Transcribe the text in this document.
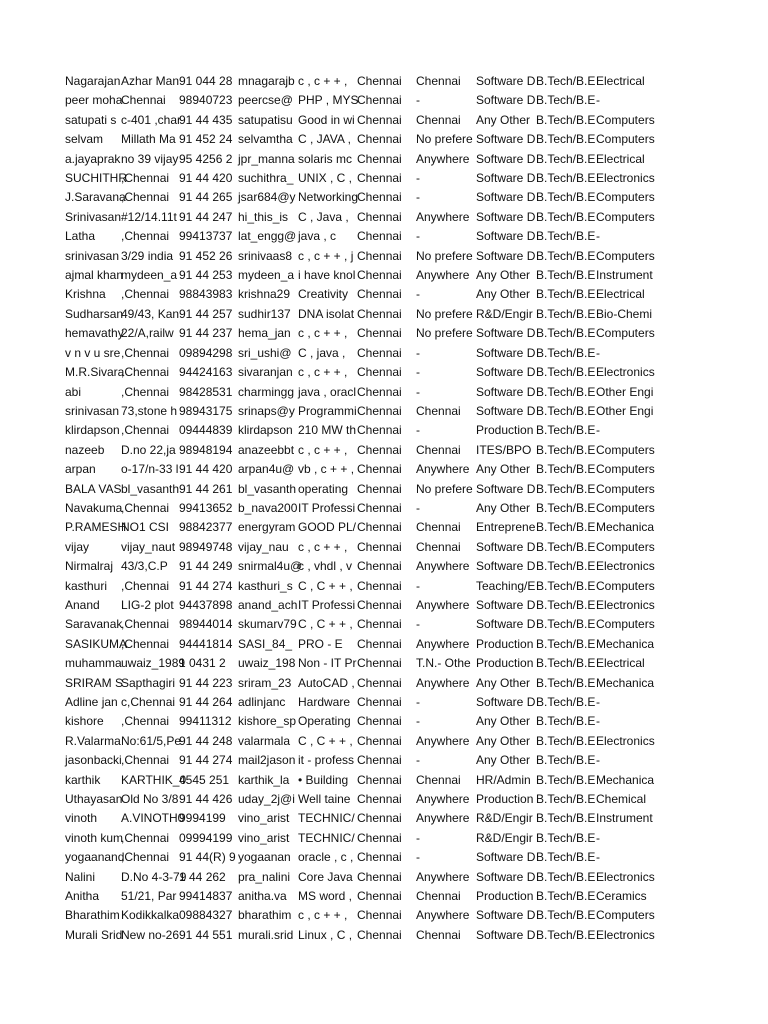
Nagarajan	Azhar Man	91 044 28	mnagarajb	c , c + + ,	Chennai	Chennai	Software D	B.Tech/B.E	Electrical
peer moha	Chennai	98940723	peercse@	PHP , MYS	Chennai	-	Software D	B.Tech/B.E	-
satupati s	c-401 ,char	91 44 435	satupatisu	Good in wi	Chennai	Chennai	Any Other	B.Tech/B.E	Computers
selvam	Millath Ma	91 452 24	selvamtha	C , JAVA ,	Chennai	No prefere	Software D	B.Tech/B.E	Computers
a.jayaprak	no 39 vijay	95 4256 2	jpr_manna	solaris mc	Chennai	Anywhere	Software D	B.Tech/B.E	Electrical
SUCHITHR	,Chennai	91 44 420	suchithra_	UNIX , C ,	Chennai	-	Software D	B.Tech/B.E	Electronics
J.Saravana	,Chennai	91 44 265	jsar684@y	Networking	Chennai	-	Software D	B.Tech/B.E	Computers
Srinivasan	#12/14.11t	91 44 247	hi_this_is	C , Java ,	Chennai	Anywhere	Software D	B.Tech/B.E	Computers
Latha	,Chennai	99413737	lat_engg@	java , c	Chennai	-	Software D	B.Tech/B.E	-
srinivasan	3/29 india	91 452 26	srinivaas8	c , c + + , j	Chennai	No prefere	Software D	B.Tech/B.E	Computers
ajmal khan	mydeen_a	91 44 253	mydeen_a	i have knol	Chennai	Anywhere	Any Other	B.Tech/B.E	Instrument
Krishna	,Chennai	98843983	krishna29	Creativity	Chennai	-	Any Other	B.Tech/B.E	Electrical
Sudharsan	49/43, Kan	91 44 257	sudhir137	DNA isolat	Chennai	No prefere	R&D/Engir	B.Tech/B.E	Bio-Chemi
hemavathy	22/A,railw	91 44 237	hema_jan	c , c + + ,	Chennai	No prefere	Software D	B.Tech/B.E	Computers
v n v u sre	,Chennai	09894298	sri_ushi@	C , java ,	Chennai	-	Software D	B.Tech/B.E	-
M.R.Sivara	,Chennai	94424163	sivaranjan	c , c + + ,	Chennai	-	Software D	B.Tech/B.E	Electronics
abi	,Chennai	98428531	charmingg	java , oracl	Chennai	-	Software D	B.Tech/B.E	Other Engi
srinivasan	73,stone h	98943175	srinaps@y	Programmi	Chennai	Chennai	Software D	B.Tech/B.E	Other Engi
klirdapson	,Chennai	09444839	klirdapson	210 MW th	Chennai	-	Production	B.Tech/B.E	-
nazeeb	D.no 22,ja	98948194	anazeebbt	c , c + + ,	Chennai	Chennai	ITES/BPO	B.Tech/B.E	Computers
arpan	o-17/n-33 l	91 44 420	arpan4u@	vb , c + + ,	Chennai	Anywhere	Any Other	B.Tech/B.E	Computers
BALA VAS	bl_vasanth	91 44 261	bl_vasanth	operating	Chennai	No prefere	Software D	B.Tech/B.E	Computers
Navakuma	,Chennai	99413652	b_nava200	IT Professi	Chennai	-	Any Other	B.Tech/B.E	Computers
P.RAMESH	NO1 CSI	98842377	energyram	GOOD PL/	Chennai	Chennai	Entreprene	B.Tech/B.E	Mechanica
vijay	vijay_naut	98949748	vijay_nau	c , c + + ,	Chennai	Chennai	Software D	B.Tech/B.E	Computers
Nirmalraj	43/3,C.P	91 44 249	snirmal4u@	c , vhdl , v	Chennai	Anywhere	Software D	B.Tech/B.E	Electronics
kasthuri	,Chennai	91 44 274	kasthuri_s	C , C + + ,	Chennai	-	Teaching/E	B.Tech/B.E	Computers
Anand	LIG-2 plot	94437898	anand_ach	IT Professi	Chennai	Anywhere	Software D	B.Tech/B.E	Electronics
Saravanak	,Chennai	98944014	skumarv79	C , C + + ,	Chennai	-	Software D	B.Tech/B.E	Computers
SASIKUMA	,Chennai	94441814	SASI_84_	PRO - E	Chennai	Anywhere	Production	B.Tech/B.E	Mechanica
muhamma	uwaiz_1989	1 0431 2	uwaiz_198	Non - IT Pr	Chennai	T.N.- Othe	Production	B.Tech/B.E	Electrical
SRIRAM S	Sapthagiri	91 44 223	sriram_23	AutoCAD ,	Chennai	Anywhere	Any Other	B.Tech/B.E	Mechanica
Adline jan	c,Chennai	91 44 264	adlinjanc	Hardware	Chennai	-	Software D	B.Tech/B.E	-
kishore	,Chennai	99411312	kishore_sp	Operating	Chennai	-	Any Other	B.Tech/B.E	-
R.Valarma	No:61/5,Pe	91 44 248	valarmala	C , C + + ,	Chennai	Anywhere	Any Other	B.Tech/B.E	Electronics
jasonbacki	,Chennai	91 44 274	mail2jason	it - profess	Chennai	-	Any Other	B.Tech/B.E	-
karthik	KARTHIK_0	4545 251	karthik_la	• Building	Chennai	Chennai	HR/Admin	B.Tech/B.E	Mechanica
Uthayasan	Old No 3/8	91 44 426	uday_2j@i	Well taine	Chennai	Anywhere	Production	B.Tech/B.E	Chemical
vinoth	A.VINOTH0	9994199	vino_arist	TECHNIC/	Chennai	Anywhere	R&D/Engir	B.Tech/B.E	Instrument
vinoth kum	,Chennai	09994199	vino_arist	TECHNIC/	Chennai	-	R&D/Engir	B.Tech/B.E	-
yogaanand	,Chennai	91 44(R) 9	yogaanan	oracle , c ,	Chennai	-	Software D	B.Tech/B.E	-
Nalini	D.No 4-3-79	1 44 262	pra_nalini	Core Java	Chennai	Anywhere	Software D	B.Tech/B.E	Electronics
Anitha	51/21, Par	99414837	anitha.va	MS word ,	Chennai	Chennai	Production	B.Tech/B.E	Ceramics
Bharathim	Kodikkalka	09884327	bharathim	c , c + + ,	Chennai	Anywhere	Software D	B.Tech/B.E	Computers
Murali Srid	New no-26	91 44 551	murali.srid	Linux , C ,	Chennai	Chennai	Software D	B.Tech/B.E	Electronics
